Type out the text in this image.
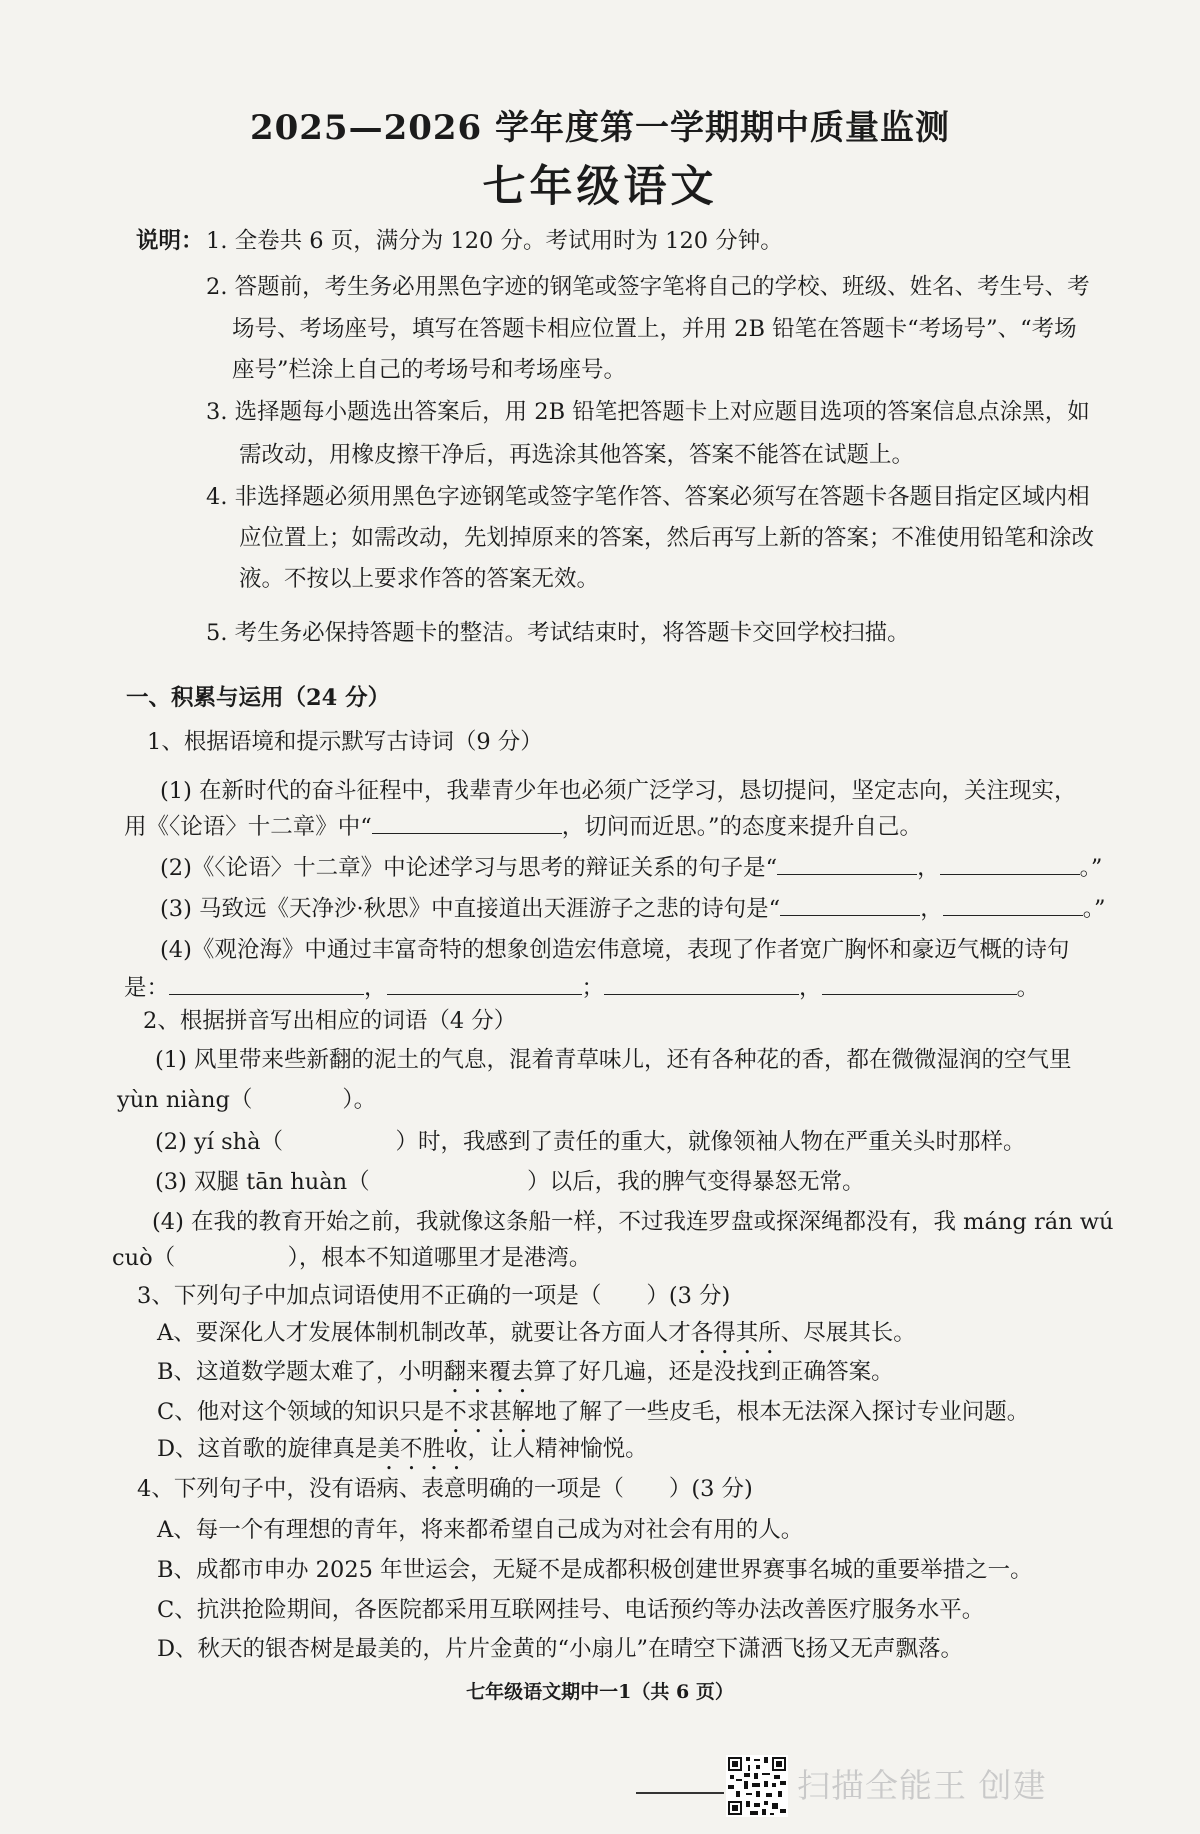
2025—2026 学年度第一学期期中质量监测
七年级语文
说明： 1. 全卷共 6 页，满分为 120 分。考试用时为 120 分钟。
2. 答题前，考生务必用黑色字迹的钢笔或签字笔将自己的学校、班级、姓名、考生号、考
场号、考场座号，填写在答题卡相应位置上，并用 2B 铅笔在答题卡“考场号”、“考场
座号”栏涂上自己的考场号和考场座号。
3. 选择题每小题选出答案后，用 2B 铅笔把答题卡上对应题目选项的答案信息点涂黑，如
需改动，用橡皮擦干净后，再选涂其他答案，答案不能答在试题上。
4. 非选择题必须用黑色字迹钢笔或签字笔作答、答案必须写在答题卡各题目指定区域内相
应位置上；如需改动，先划掉原来的答案，然后再写上新的答案；不准使用铅笔和涂改
液。不按以上要求作答的答案无效。
5. 考生务必保持答题卡的整洁。考试结束时，将答题卡交回学校扫描。
一、积累与运用（24 分）
1、根据语境和提示默写古诗词（9 分）
(1) 在新时代的奋斗征程中，我辈青少年也必须广泛学习，恳切提问，坚定志向，关注现实，
用《〈论语〉十二章》中“	，切问而近思。”的态度来提升自己。
(2)《〈论语〉十二章》中论述学习与思考的辩证关系的句子是“	，	。”
(3) 马致远《天净沙·秋思》中直接道出天涯游子之悲的诗句是“	，	。”
(4)《观沧海》中通过丰富奇特的想象创造宏伟意境，表现了作者宽广胸怀和豪迈气概的诗句
是：	，	；	，	。
2、根据拼音写出相应的词语（4 分）
(1) 风里带来些新翻的泥土的气息，混着青草味儿，还有各种花的香，都在微微湿润的空气里
yùn niàng（　　　　）。
(2) yí shà（　　　　　）时，我感到了责任的重大，就像领袖人物在严重关头时那样。
(3) 双腿 tān huàn（　　　　　　　）以后，我的脾气变得暴怒无常。
(4) 在我的教育开始之前，我就像这条船一样，不过我连罗盘或探深绳都没有，我 máng rán wú
cuò（　　　　　），根本不知道哪里才是港湾。
3、下列句子中加点词语使用不正确的一项是（　　）(3 分)
A、要深化人才发展体制机制改革，就要让各方面人才各得其所、尽展其长。
B、这道数学题太难了，小明翻来覆去算了好几遍，还是没找到正确答案。
C、他对这个领域的知识只是不求甚解地了解了一些皮毛，根本无法深入探讨专业问题。
D、这首歌的旋律真是美不胜收，让人精神愉悦。
4、下列句子中，没有语病、表意明确的一项是（　　）(3 分)
A、每一个有理想的青年，将来都希望自己成为对社会有用的人。
B、成都市申办 2025 年世运会，无疑不是成都积极创建世界赛事名城的重要举措之一。
C、抗洪抢险期间，各医院都采用互联网挂号、电话预约等办法改善医疗服务水平。
D、秋天的银杏树是最美的，片片金黄的“小扇儿”在晴空下潇洒飞扬又无声飘落。
七年级语文期中一1（共 6 页）
扫描全能王 创建
